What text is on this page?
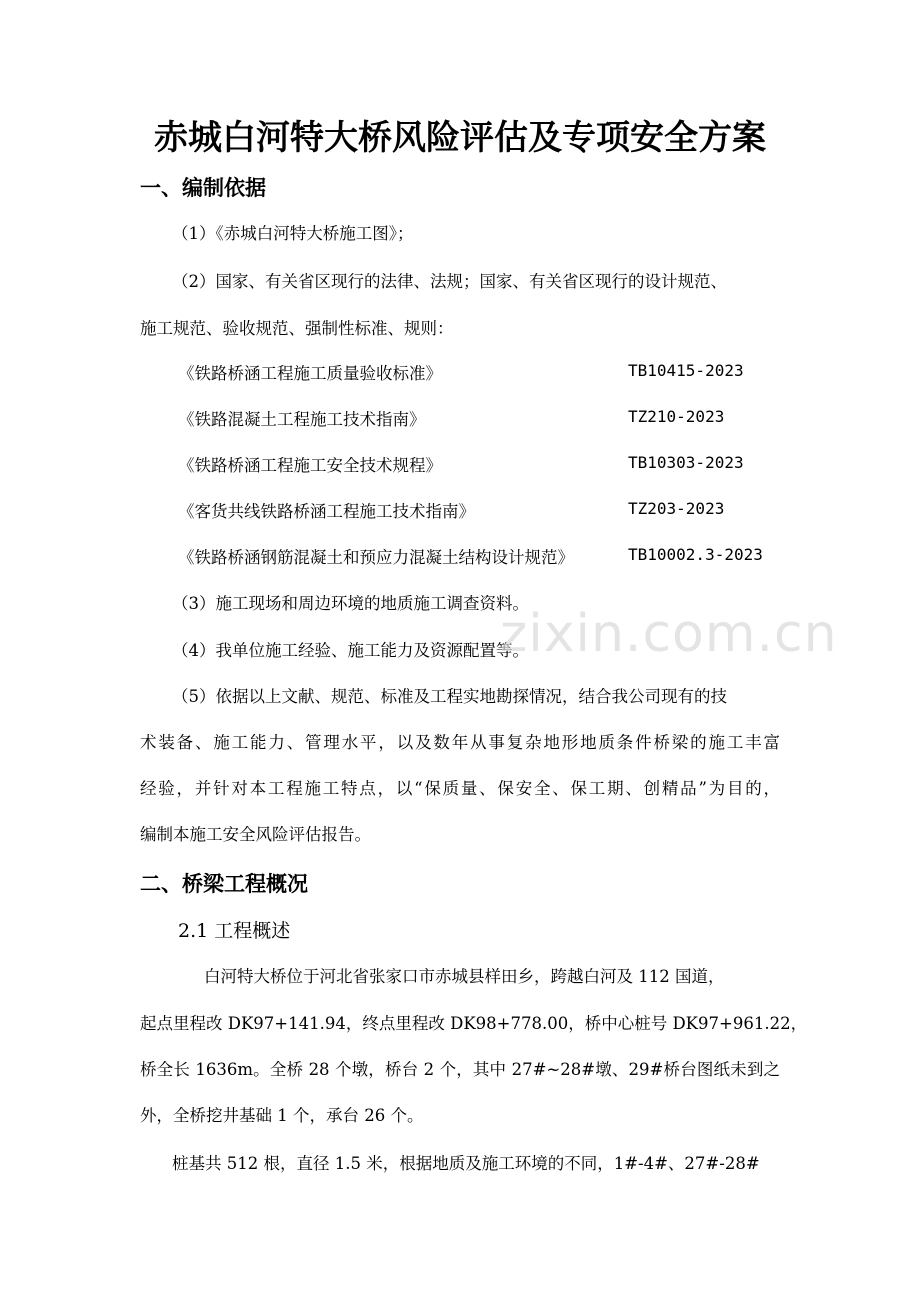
赤城白河特大桥风险评估及专项安全方案
一、编制依据
（1）《赤城白河特大桥施工图》；
（2）国家、有关省区现行的法律、法规；国家、有关省区现行的设计规范、
施工规范、验收规范、强制性标准、规则：
《铁路桥涵工程施工质量验收标准》	TB10415-2023
《铁路混凝土工程施工技术指南》	TZ210-2023
《铁路桥涵工程施工安全技术规程》	TB10303-2023
《客货共线铁路桥涵工程施工技术指南》	TZ203-2023
《铁路桥涵钢筋混凝土和预应力混凝土结构设计规范》	TB10002.3-2023
（3）施工现场和周边环境的地质施工调查资料。
（4）我单位施工经验、施工能力及资源配置等。
（5）依据以上文献、规范、标准及工程实地勘探情况，结合我公司现有的技
术装备、施工能力、管理水平，以及数年从事复杂地形地质条件桥梁的施工丰富
经验，并针对本工程施工特点，以“保质量、保安全、保工期、创精品”为目的，
编制本施工安全风险评估报告。
二、桥梁工程概况
2.1 工程概述
白河特大桥位于河北省张家口市赤城县样田乡，跨越白河及 112 国道，
起点里程改 DK97+141.94，终点里程改 DK98+778.00，桥中心桩号 DK97+961.22，
桥全长 1636m。全桥 28 个墩，桥台 2 个，其中 27#~28#墩、29#桥台图纸未到之
外，全桥挖井基础 1 个，承台 26 个。
桩基共 512 根，直径 1.5 米，根据地质及施工环境的不同，1#-4#、27#-28#
zixin.com.cn
